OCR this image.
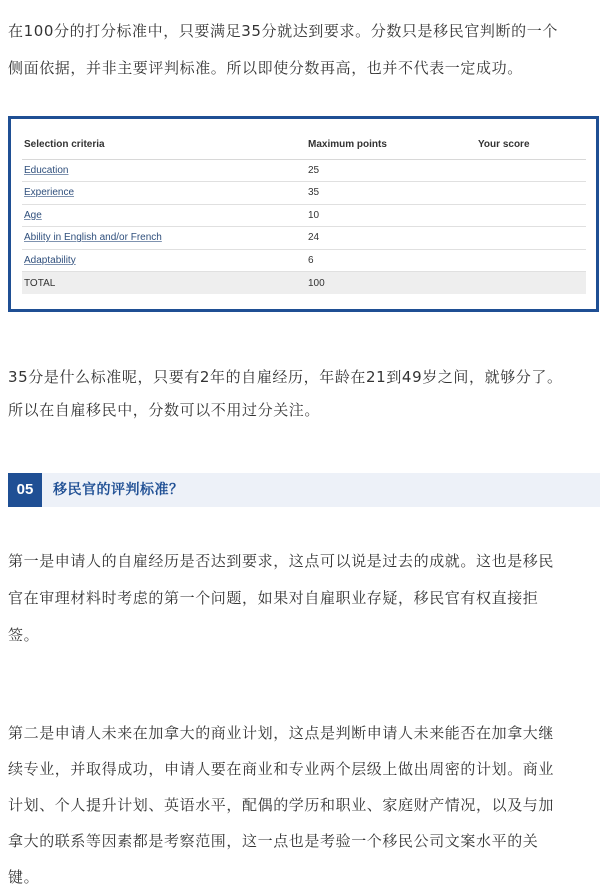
在100分的打分标准中，只要满足35分就达到要求。分数只是移民官判断的一个
侧面依据，并非主要评判标准。所以即使分数再高，也并不代表一定成功。
Selection criteria	Maximum points	Your score
Education	25	
Experience	35	
Age	10	
Ability in English and/or French	24	
Adaptability	6	
TOTAL	100	
35分是什么标准呢，只要有2年的自雇经历，年龄在21到49岁之间，就够分了。
所以在自雇移民中，分数可以不用过分关注。
05	移民官的评判标准？
第一是申请人的自雇经历是否达到要求，这点可以说是过去的成就。这也是移民
官在审理材料时考虑的第一个问题，如果对自雇职业存疑，移民官有权直接拒
签。
第二是申请人未来在加拿大的商业计划，这点是判断申请人未来能否在加拿大继
续专业，并取得成功，申请人要在商业和专业两个层级上做出周密的计划。商业
计划、个人提升计划、英语水平，配偶的学历和职业、家庭财产情况，以及与加
拿大的联系等因素都是考察范围，这一点也是考验一个移民公司文案水平的关
键。
